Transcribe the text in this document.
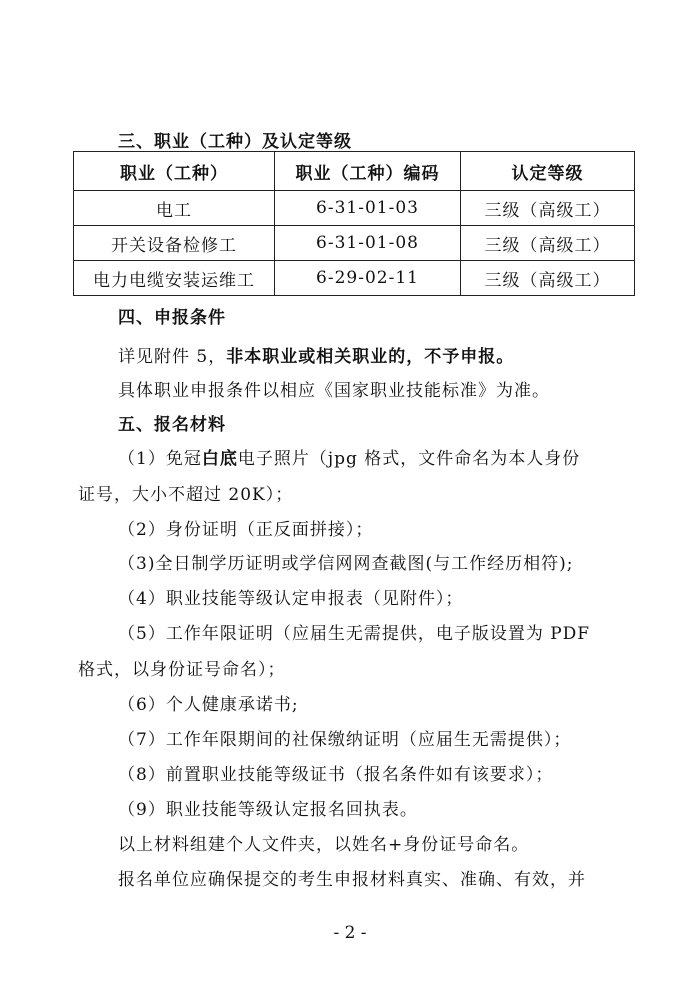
三、职业（工种）及认定等级
职业（工种）	职业（工种）编码	认定等级
电工	6-31-01-03	三级（高级工）
开关设备检修工	6-31-01-08	三级（高级工）
电力电缆安装运维工	6-29-02-11	三级（高级工）
四、申报条件
详见附件 5，非本职业或相关职业的，不予申报。
具体职业申报条件以相应《国家职业技能标准》为准。
五、报名材料
（1）免冠白底电子照片（jpg 格式，文件命名为本人身份
证号，大小不超过 20K）；
（2）身份证明（正反面拼接）；
（3)全日制学历证明或学信网网查截图(与工作经历相符);
（4）职业技能等级认定申报表（见附件）；
（5）工作年限证明（应届生无需提供，电子版设置为 PDF
格式，以身份证号命名）；
（6）个人健康承诺书;
（7）工作年限期间的社保缴纳证明（应届生无需提供）；
（8）前置职业技能等级证书（报名条件如有该要求）；
（9）职业技能等级认定报名回执表。
以上材料组建个人文件夹，以姓名+身份证号命名。
报名单位应确保提交的考生申报材料真实、准确、有效，并
- 2 -
